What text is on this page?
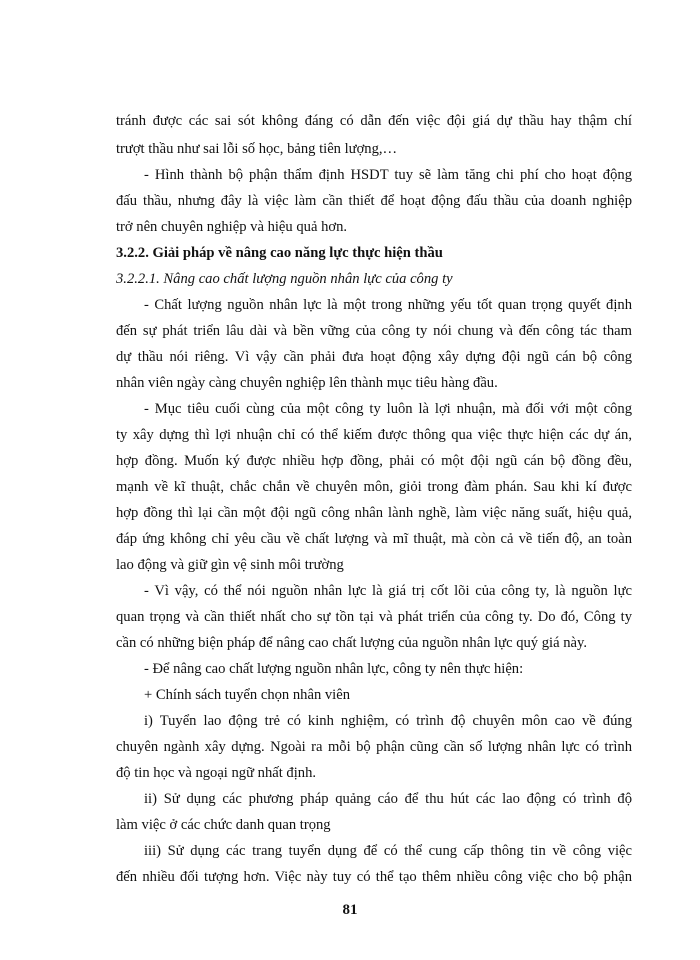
tránh được các sai sót không đáng có dẫn đến việc đội giá dự thầu hay thậm chí
trượt thầu như sai lỗi số học, bảng tiên lượng,…
- Hình thành bộ phận thẩm định HSDT tuy sẽ làm tăng chi phí cho hoạt động
đấu thầu, nhưng đây là việc làm cần thiết để hoạt động đấu thầu của doanh nghiệp
trở nên chuyên nghiệp và hiệu quả hơn.
3.2.2. Giải pháp về nâng cao năng lực thực hiện thầu
3.2.2.1. Nâng cao chất lượng nguồn nhân lực của công ty
- Chất lượng nguồn nhân lực là một trong những yếu tốt quan trọng quyết định
đến sự phát triển lâu dài và bền vững của công ty nói chung và đến công tác tham
dự thầu nói riêng. Vì vậy cần phải đưa hoạt động xây dựng đội ngũ cán bộ công
nhân viên ngày càng chuyên nghiệp lên thành mục tiêu hàng đầu.
- Mục tiêu cuối cùng của một công ty luôn là lợi nhuận, mà đối với một công
ty xây dựng thì lợi nhuận chỉ có thể kiếm được thông qua việc thực hiện các dự án,
hợp đồng. Muốn ký được nhiều hợp đồng, phải có một đội ngũ cán bộ đồng đều,
mạnh về kĩ thuật, chắc chắn về chuyên môn, giỏi trong đàm phán. Sau khi kí được
hợp đồng thì lại cần một đội ngũ công nhân lành nghề, làm việc năng suất, hiệu quả,
đáp ứng không chỉ yêu cầu về chất lượng và mĩ thuật, mà còn cả về tiến độ, an toàn
lao động và giữ gìn vệ sinh môi trường
- Vì vậy, có thể nói nguồn nhân lực là giá trị cốt lõi của công ty, là nguồn lực
quan trọng và cần thiết nhất cho sự tồn tại và phát triển của công ty. Do đó, Công ty
cần có những biện pháp để nâng cao chất lượng của nguồn nhân lực quý giá này.
- Để nâng cao chất lượng nguồn nhân lực, công ty nên thực hiện:
+ Chính sách tuyển chọn nhân viên
i) Tuyển lao động trẻ có kinh nghiệm, có trình độ chuyên môn cao về đúng
chuyên ngành xây dựng. Ngoài ra mỗi bộ phận cũng cần số lượng nhân lực có trình
độ tin học và ngoại ngữ nhất định.
ii) Sử dụng các phương pháp quảng cáo để thu hút các lao động có trình độ
làm việc ở các chức danh quan trọng
iii) Sử dụng các trang tuyển dụng để có thể cung cấp thông tin về công việc
đến nhiều đối tượng hơn. Việc này tuy có thể tạo thêm nhiều công việc cho bộ phận
81
